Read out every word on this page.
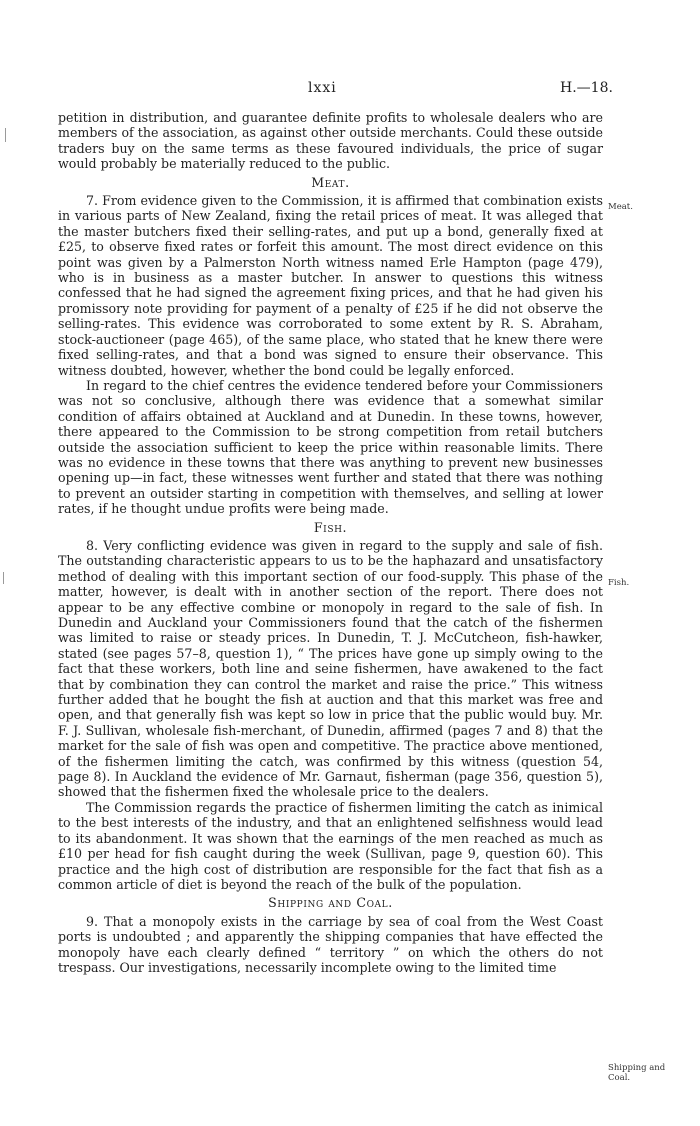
lxxi	H.—18.
Meat.
Fish.
Shipping and
Coal.

petition in distribution, and guarantee definite profits to wholesale dealers who are members of the association, as against other outside merchants. Could these outside traders buy on the same terms as these favoured individuals, the price of sugar would probably be materially reduced to the public.

Meat.

7. From evidence given to the Commission, it is affirmed that combination exists in various parts of New Zealand, fixing the retail prices of meat. It was alleged that the master butchers fixed their selling-rates, and put up a bond, generally fixed at £25, to observe fixed rates or forfeit this amount. The most direct evidence on this point was given by a Palmerston North witness named Erle Hampton (page 479), who is in business as a master butcher. In answer to questions this witness confessed that he had signed the agreement fixing prices, and that he had given his promissory note providing for payment of a penalty of £25 if he did not observe the selling-rates. This evidence was corroborated to some extent by R. S. Abraham, stock-auctioneer (page 465), of the same place, who stated that he knew there were fixed selling-rates, and that a bond was signed to ensure their observance. This witness doubted, however, whether the bond could be legally enforced.

In regard to the chief centres the evidence tendered before your Commissioners was not so conclusive, although there was evidence that a somewhat similar condition of affairs obtained at Auckland and at Dunedin. In these towns, however, there appeared to the Commission to be strong competition from retail butchers outside the association sufficient to keep the price within reasonable limits. There was no evidence in these towns that there was anything to prevent new businesses opening up—in fact, these witnesses went further and stated that there was nothing to prevent an outsider starting in competition with themselves, and selling at lower rates, if he thought undue profits were being made.

Fish.

8. Very conflicting evidence was given in regard to the supply and sale of fish. The outstanding characteristic appears to us to be the haphazard and unsatisfactory method of dealing with this important section of our food-supply. This phase of the matter, however, is dealt with in another section of the report. There does not appear to be any effective combine or monopoly in regard to the sale of fish. In Dunedin and Auckland your Commissioners found that the catch of the fishermen was limited to raise or steady prices. In Dunedin, T. J. McCutcheon, fish-hawker, stated (see pages 57–8, question 1), “ The prices have gone up simply owing to the fact that these workers, both line and seine fishermen, have awakened to the fact that by combination they can control the market and raise the price.” This witness further added that he bought the fish at auction and that this market was free and open, and that generally fish was kept so low in price that the public would buy. Mr. F. J. Sullivan, wholesale fish-merchant, of Dunedin, affirmed (pages 7 and 8) that the market for the sale of fish was open and competitive. The practice above mentioned, of the fishermen limiting the catch, was confirmed by this witness (question 54, page 8). In Auckland the evidence of Mr. Garnaut, fisherman (page 356, question 5), showed that the fishermen fixed the wholesale price to the dealers.

The Commission regards the practice of fishermen limiting the catch as inimical to the best interests of the industry, and that an enlightened selfishness would lead to its abandonment. It was shown that the earnings of the men reached as much as £10 per head for fish caught during the week (Sullivan, page 9, question 60). This practice and the high cost of distribution are responsible for the fact that fish as a common article of diet is beyond the reach of the bulk of the population.

Shipping and Coal.

9. That a monopoly exists in the carriage by sea of coal from the West Coast ports is undoubted ; and apparently the shipping companies that have effected the monopoly have each clearly defined “ territory ” on which the others do not trespass. Our investigations, necessarily incomplete owing to the limited time
